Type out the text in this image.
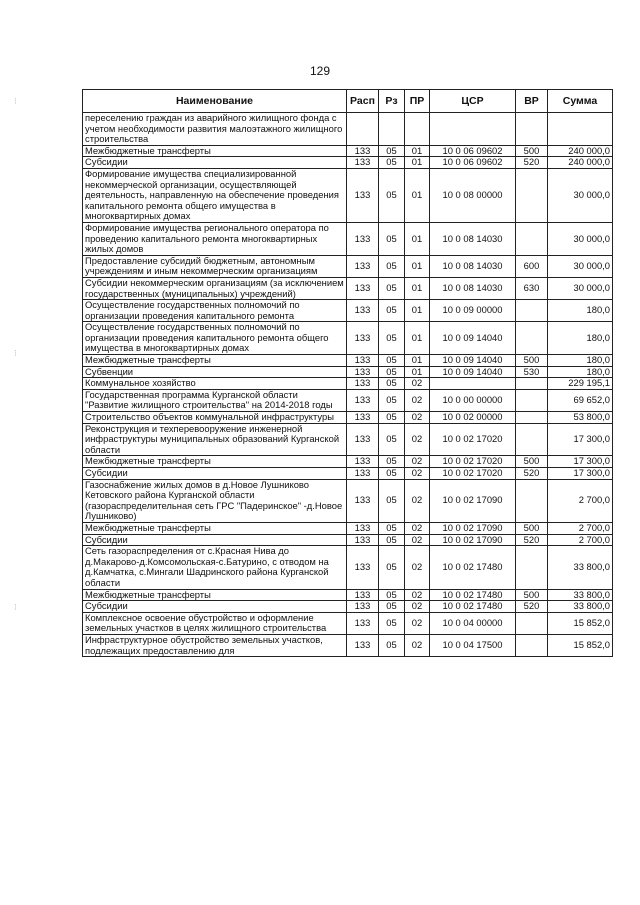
129
⁝
⁝
⁝
Наименование	Расп	Рз	ПР	ЦСР	ВР	Сумма
переселению граждан из аварийного жилищного фонда с учетом необходимости развития малоэтажного жилищного строительства						
Межбюджетные трансферты	133	05	01	10 0 06 09602	500	240 000,0
Субсидии	133	05	01	10 0 06 09602	520	240 000,0
Формирование имущества специализированной некоммерческой организации, осуществляющей деятельность, направленную на обеспечение проведения капитального ремонта общего имущества в многоквартирных домах	133	05	01	10 0 08 00000		30 000,0
Формирование имущества регионального оператора по проведению капитального ремонта многоквартирных жилых домов	133	05	01	10 0 08 14030		30 000,0
Предоставление субсидий бюджетным, автономным учреждениям и иным некоммерческим организациям	133	05	01	10 0 08 14030	600	30 000,0
Субсидии некоммерческим организациям (за исключением государственных (муниципальных) учреждений)	133	05	01	10 0 08 14030	630	30 000,0
Осуществление государственных полномочий по организации проведения капитального ремонта	133	05	01	10 0 09 00000		180,0
Осуществление государственных полномочий по организации проведения капитального ремонта общего имущества в многоквартирных домах	133	05	01	10 0 09 14040		180,0
Межбюджетные трансферты	133	05	01	10 0 09 14040	500	180,0
Субвенции	133	05	01	10 0 09 14040	530	180,0
Коммунальное хозяйство	133	05	02			229 195,1
Государственная программа Курганской области "Развитие жилищного строительства" на 2014-2018 годы	133	05	02	10 0 00 00000		69 652,0
Строительство объектов коммунальной инфраструктуры	133	05	02	10 0 02 00000		53 800,0
Реконструкция и техперевооружение инженерной инфраструктуры муниципальных образований Курганской области	133	05	02	10 0 02 17020		17 300,0
Межбюджетные трансферты	133	05	02	10 0 02 17020	500	17 300,0
Субсидии	133	05	02	10 0 02 17020	520	17 300,0
Газоснабжение жилых домов в д.Новое Лушниково Кетовского района Курганской области (газораспределительная сеть ГРС "Падеринское" -д.Новое Лушниково)	133	05	02	10 0 02 17090		2 700,0
Межбюджетные трансферты	133	05	02	10 0 02 17090	500	2 700,0
Субсидии	133	05	02	10 0 02 17090	520	2 700,0
Сеть газораспределения от с.Красная Нива до д.Макарово-д.Комсомольская-с.Батурино, с отводом на д.Камчатка, с.Мингали Шадринского района Курганской области	133	05	02	10 0 02 17480		33 800,0
Межбюджетные трансферты	133	05	02	10 0 02 17480	500	33 800,0
Субсидии	133	05	02	10 0 02 17480	520	33 800,0
Комплексное освоение обустройство и оформление земельных участков в целях жилищного строительства	133	05	02	10 0 04 00000		15 852,0
Инфраструктурное обустройство земельных участков, подлежащих предоставлению для	133	05	02	10 0 04 17500		15 852,0
